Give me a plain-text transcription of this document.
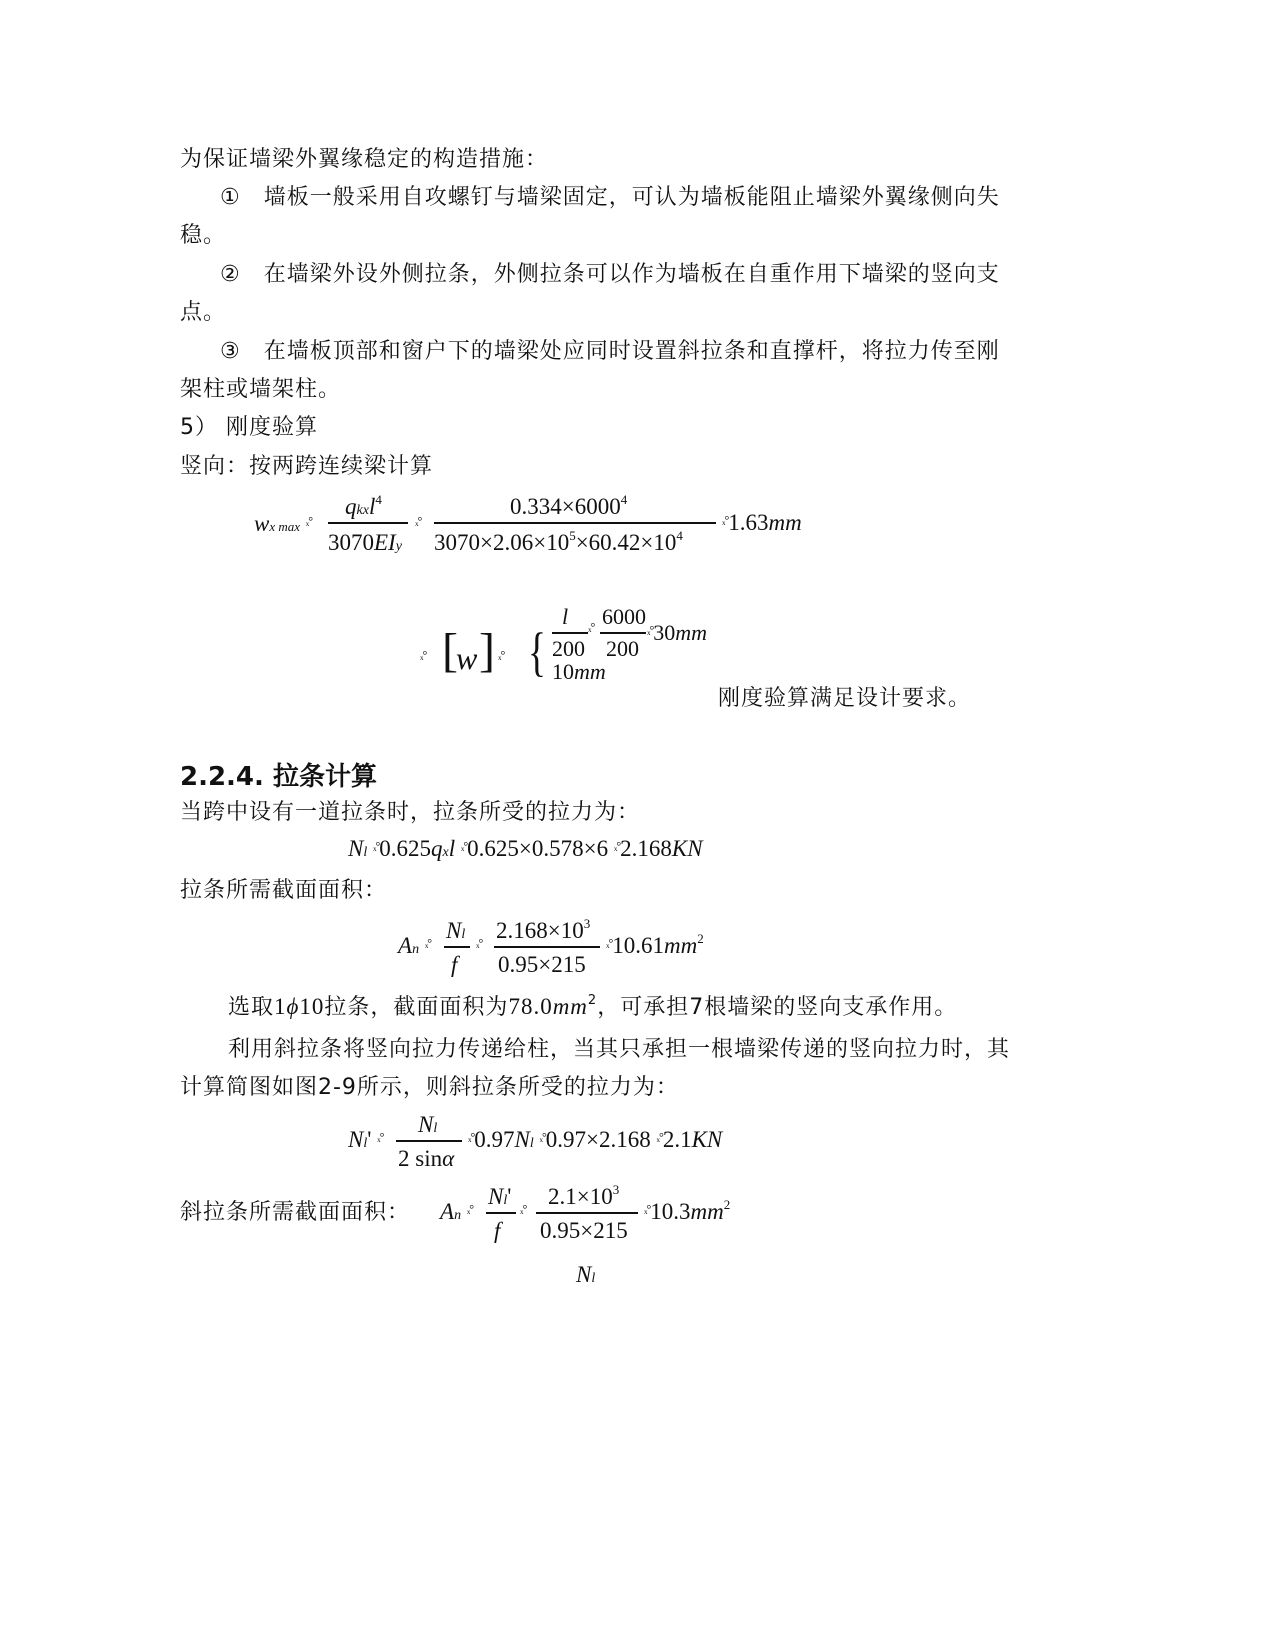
为保证墙梁外翼缘稳定的构造措施：
①　墙板一般采用自攻螺钉与墙梁固定，可认为墙板能阻止墙梁外翼缘侧向失
稳。
②　在墙梁外设外侧拉条，外侧拉条可以作为墙板在自重作用下墙梁的竖向支
点。
③　在墙板顶部和窗户下的墙梁处应同时设置斜拉条和直撑杆，将拉力传至刚
架柱或墙架柱。
5） 刚度验算
竖向：按两跨连续梁计算
wx max $^{_x^\circ}$
qkxl$^4$
3070EIy
$^{_x^\circ}$
$0.334\times 6000^4$
$3070\times 2.06\times 10^5\times 60.42\times 10^4$
$^{_x^\circ}$1.63mm
$^{_x^\circ}$ [
w ] $^{_x^\circ}$ {
l
200
$^{_x^\circ}$ 6000
200
$^{_x^\circ}$30mm
10mm
刚度验算满足设计要求。
2.2.4. 拉条计算
当跨中设有一道拉条时，拉条所受的拉力为：
Nl $^{_x^\circ}$0.625qxl $^{_x^\circ}$0.625×0.578×6 $^{_x^\circ}$2.168KN
拉条所需截面面积：
An $^{_x^\circ}$ Nl
f
$^{_x^\circ}$ $2.168\times 10^3$
0.95×215
$^{_x^\circ}10.61mm^2$
选取1ϕ10拉条，截面面积为$78.0mm^2$，可承担7根墙梁的竖向支承作用。
利用斜拉条将竖向拉力传递给柱，当其只承担一根墙梁传递的竖向拉力时，其
计算简图如图2-9所示，则斜拉条所受的拉力为：
Nl' $^{_x^\circ}$ Nl
2 sinα
$^{_x^\circ}$0.97Nl $^{_x^\circ}$0.97×2.168 $^{_x^\circ}$2.1KN
斜拉条所需截面面积： An $^{_x^\circ}$ Nl'
f
$^{_x^\circ}$ $2.1\times 10^3$
0.95×215
$^{_x^\circ}10.3mm^2$
Nl
